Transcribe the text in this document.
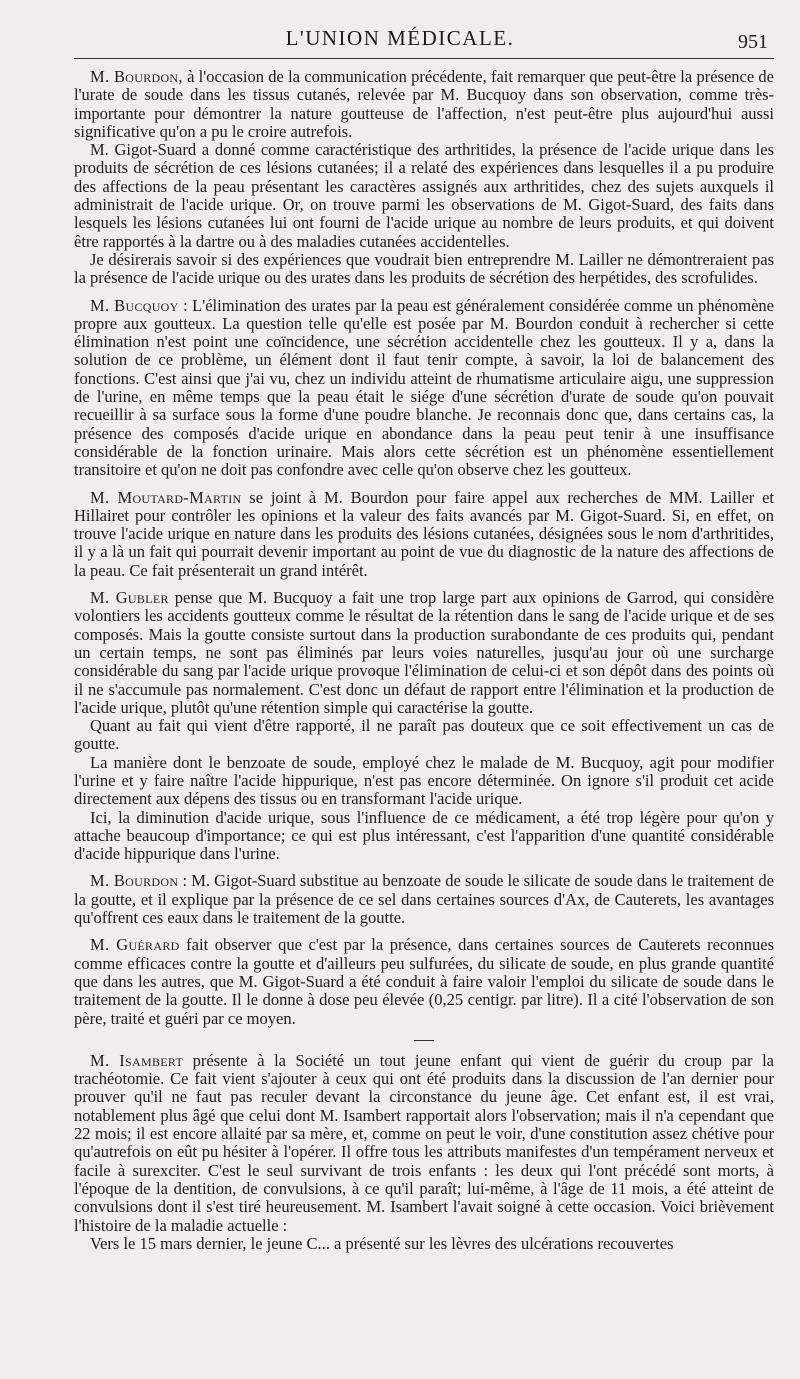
L'UNION MÉDICALE.	951

M. Bourdon, à l'occasion de la communication précédente, fait remarquer que peut-être la présence de l'urate de soude dans les tissus cutanés, relevée par M. Bucquoy dans son observation, comme très-importante pour démontrer la nature goutteuse de l'affection, n'est peut-être plus aujourd'hui aussi significative qu'on a pu le croire autrefois.

M. Gigot-Suard a donné comme caractéristique des arthritides, la présence de l'acide urique dans les produits de sécrétion de ces lésions cutanées; il a relaté des expériences dans lesquelles il a pu produire des affections de la peau présentant les caractères assignés aux arthritides, chez des sujets auxquels il administrait de l'acide urique. Or, on trouve parmi les observations de M. Gigot-Suard, des faits dans lesquels les lésions cutanées lui ont fourni de l'acide urique au nombre de leurs produits, et qui doivent être rapportés à la dartre ou à des maladies cutanées accidentelles.

Je désirerais savoir si des expériences que voudrait bien entreprendre M. Lailler ne démontreraient pas la présence de l'acide urique ou des urates dans les produits de sécrétion des herpétides, des scrofulides.

M. Bucquoy : L'élimination des urates par la peau est généralement considérée comme un phénomène propre aux goutteux. La question telle qu'elle est posée par M. Bourdon conduit à rechercher si cette élimination n'est point une coïncidence, une sécrétion accidentelle chez les goutteux. Il y a, dans la solution de ce problème, un élément dont il faut tenir compte, à savoir, la loi de balancement des fonctions. C'est ainsi que j'ai vu, chez un individu atteint de rhumatisme articulaire aigu, une suppression de l'urine, en même temps que la peau était le siége d'une sécrétion d'urate de soude qu'on pouvait recueillir à sa surface sous la forme d'une poudre blanche. Je reconnais donc que, dans certains cas, la présence des composés d'acide urique en abondance dans la peau peut tenir à une insuffisance considérable de la fonction urinaire. Mais alors cette sécrétion est un phénomène essentiellement transitoire et qu'on ne doit pas confondre avec celle qu'on observe chez les goutteux.

M. Moutard-Martin se joint à M. Bourdon pour faire appel aux recherches de MM. Lailler et Hillairet pour contrôler les opinions et la valeur des faits avancés par M. Gigot-Suard. Si, en effet, on trouve l'acide urique en nature dans les produits des lésions cutanées, désignées sous le nom d'arthritides, il y a là un fait qui pourrait devenir important au point de vue du diagnostic de la nature des affections de la peau. Ce fait présenterait un grand intérêt.

M. Gubler pense que M. Bucquoy a fait une trop large part aux opinions de Garrod, qui considère volontiers les accidents goutteux comme le résultat de la rétention dans le sang de l'acide urique et de ses composés. Mais la goutte consiste surtout dans la production surabondante de ces produits qui, pendant un certain temps, ne sont pas éliminés par leurs voies naturelles, jusqu'au jour où une surcharge considérable du sang par l'acide urique provoque l'élimination de celui-ci et son dépôt dans des points où il ne s'accumule pas normalement. C'est donc un défaut de rapport entre l'élimination et la production de l'acide urique, plutôt qu'une rétention simple qui caractérise la goutte.

Quant au fait qui vient d'être rapporté, il ne paraît pas douteux que ce soit effectivement un cas de goutte.

La manière dont le benzoate de soude, employé chez le malade de M. Bucquoy, agit pour modifier l'urine et y faire naître l'acide hippurique, n'est pas encore déterminée. On ignore s'il produit cet acide directement aux dépens des tissus ou en transformant l'acide urique.

Ici, la diminution d'acide urique, sous l'influence de ce médicament, a été trop légère pour qu'on y attache beaucoup d'importance; ce qui est plus intéressant, c'est l'apparition d'une quantité considérable d'acide hippurique dans l'urine.

M. Bourdon : M. Gigot-Suard substitue au benzoate de soude le silicate de soude dans le traitement de la goutte, et il explique par la présence de ce sel dans certaines sources d'Ax, de Cauterets, les avantages qu'offrent ces eaux dans le traitement de la goutte.

M. Guérard fait observer que c'est par la présence, dans certaines sources de Cauterets reconnues comme efficaces contre la goutte et d'ailleurs peu sulfurées, du silicate de soude, en plus grande quantité que dans les autres, que M. Gigot-Suard a été conduit à faire valoir l'emploi du silicate de soude dans le traitement de la goutte. Il le donne à dose peu élevée (0,25 centigr. par litre). Il a cité l'observation de son père, traité et guéri par ce moyen.

M. Isambert présente à la Société un tout jeune enfant qui vient de guérir du croup par la trachéotomie. Ce fait vient s'ajouter à ceux qui ont été produits dans la discussion de l'an dernier pour prouver qu'il ne faut pas reculer devant la circonstance du jeune âge. Cet enfant est, il est vrai, notablement plus âgé que celui dont M. Isambert rapportait alors l'observation; mais il n'a cependant que 22 mois; il est encore allaité par sa mère, et, comme on peut le voir, d'une constitution assez chétive pour qu'autrefois on eût pu hésiter à l'opérer. Il offre tous les attributs manifestes d'un tempérament nerveux et facile à surexciter. C'est le seul survivant de trois enfants : les deux qui l'ont précédé sont morts, à l'époque de la dentition, de convulsions, à ce qu'il paraît; lui-même, à l'âge de 11 mois, a été atteint de convulsions dont il s'est tiré heureusement. M. Isambert l'avait soigné à cette occasion. Voici brièvement l'histoire de la maladie actuelle :

Vers le 15 mars dernier, le jeune C... a présenté sur les lèvres des ulcérations recouvertes
